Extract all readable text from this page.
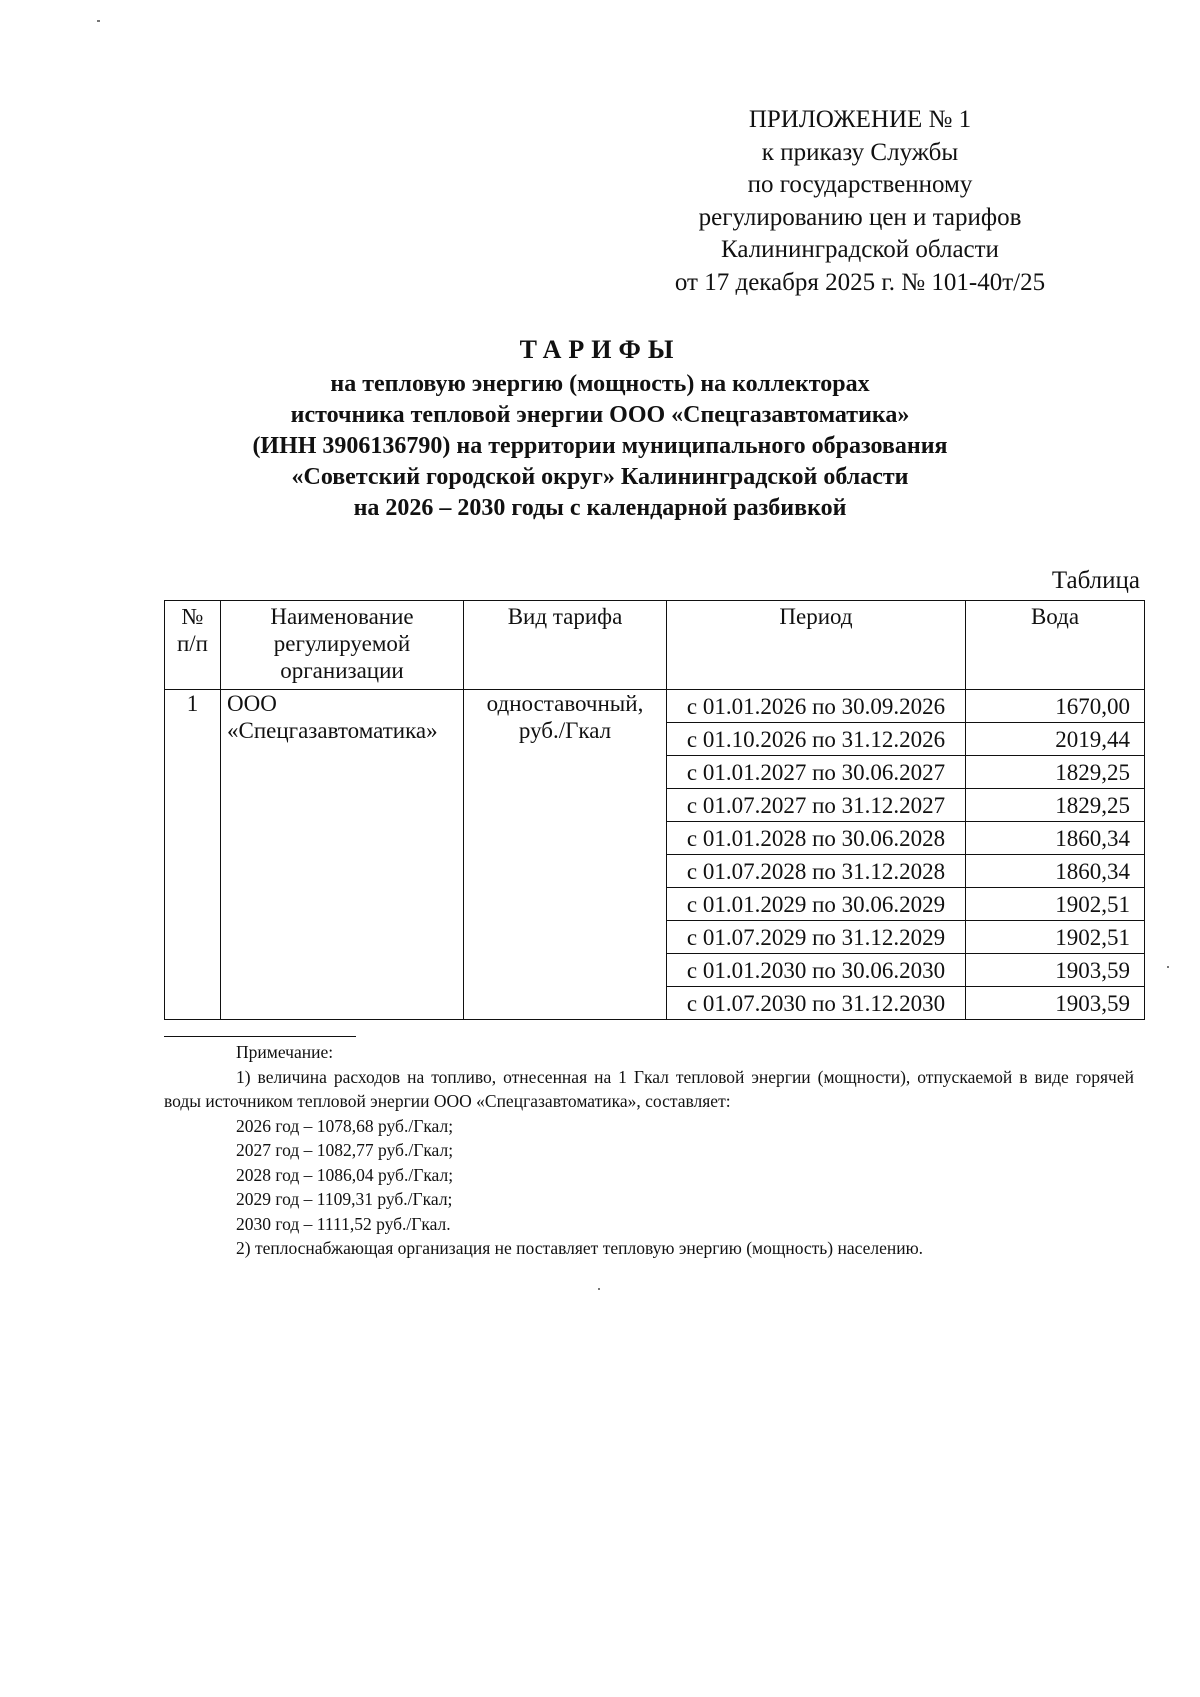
ПРИЛОЖЕНИЕ № 1
к приказу Службы
по государственному
регулированию цен и тарифов
Калининградской области
от 17 декабря 2025 г. № 101-40т/25
ТАРИФЫ
на тепловую энергию (мощность) на коллекторах
источника тепловой энергии ООО «Спецгазавтоматика»
(ИНН 3906136790) на территории муниципального образования
«Советский городской округ» Калининградской области
на 2026 – 2030 годы с календарной разбивкой
Таблица
№ п/п	Наименование регулируемой организации	Вид тарифа	Период	Вода
1	ООО «Спецгазавтоматика»	одноставочный, руб./Гкал	с 01.01.2026 по 30.09.2026	1670,00
			с 01.10.2026 по 31.12.2026	2019,44
			с 01.01.2027 по 30.06.2027	1829,25
			с 01.07.2027 по 31.12.2027	1829,25
			с 01.01.2028 по 30.06.2028	1860,34
			с 01.07.2028 по 31.12.2028	1860,34
			с 01.01.2029 по 30.06.2029	1902,51
			с 01.07.2029 по 31.12.2029	1902,51
			с 01.01.2030 по 30.06.2030	1903,59
			с 01.07.2030 по 31.12.2030	1903,59
Примечание:
1) величина расходов на топливо, отнесенная на 1 Гкал тепловой энергии (мощности), отпускаемой в виде горячей воды источником тепловой энергии ООО «Спецгазавтоматика», составляет:
2026 год – 1078,68 руб./Гкал;
2027 год – 1082,77 руб./Гкал;
2028 год – 1086,04 руб./Гкал;
2029 год – 1109,31 руб./Гкал;
2030 год – 1111,52 руб./Гкал.
2) теплоснабжающая организация не поставляет тепловую энергию (мощность) населению.
